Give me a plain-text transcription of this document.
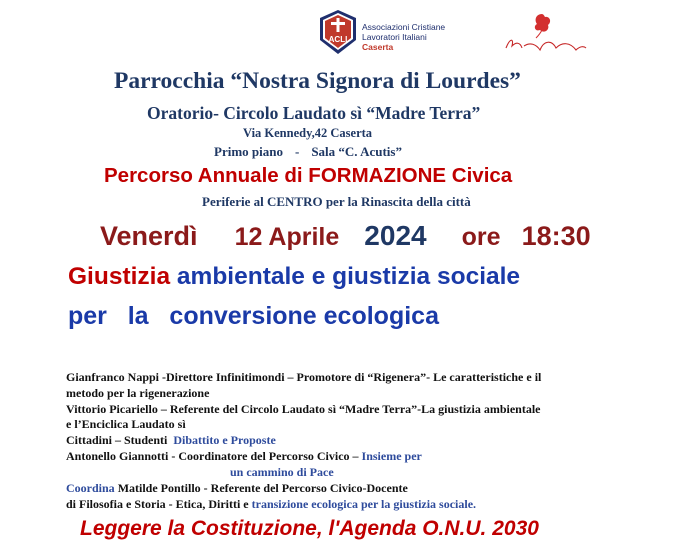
ACLI
Associazioni Cristiane
Lavoratori Italiani
Caserta
Parrocchia “Nostra Signora di Lourdes”
Oratorio- Circolo Laudato sì “Madre Terra”
Via Kennedy,42 Caserta
Primo piano - Sala “C. Acutis”
Percorso Annuale di FORMAZIONE Civica
Periferie al CENTRO per la Rinascita della città
Venerdì 12 Aprile 2024 ore 18:30
Giustizia ambientale e giustizia sociale
per   la   conversione ecologica
Gianfranco Nappi -Direttore Infinitimondi – Promotore di “Rigenera”- Le caratteristiche e il
metodo per la rigenerazione
Vittorio Picariello – Referente del Circolo Laudato sì “Madre Terra”-La giustizia ambientale
e l’Enciclica Laudato sì
Cittadini – Studenti Dibattito e Proposte
Antonello Giannotti - Coordinatore del Percorso Civico – Insieme per
un cammino di Pace
Coordina Matilde Pontillo - Referente del Percorso Civico-Docente
di Filosofia e Storia - Etica, Diritti e transizione ecologica per la giustizia sociale.
Leggere la Costituzione, l'Agenda O.N.U. 2030
